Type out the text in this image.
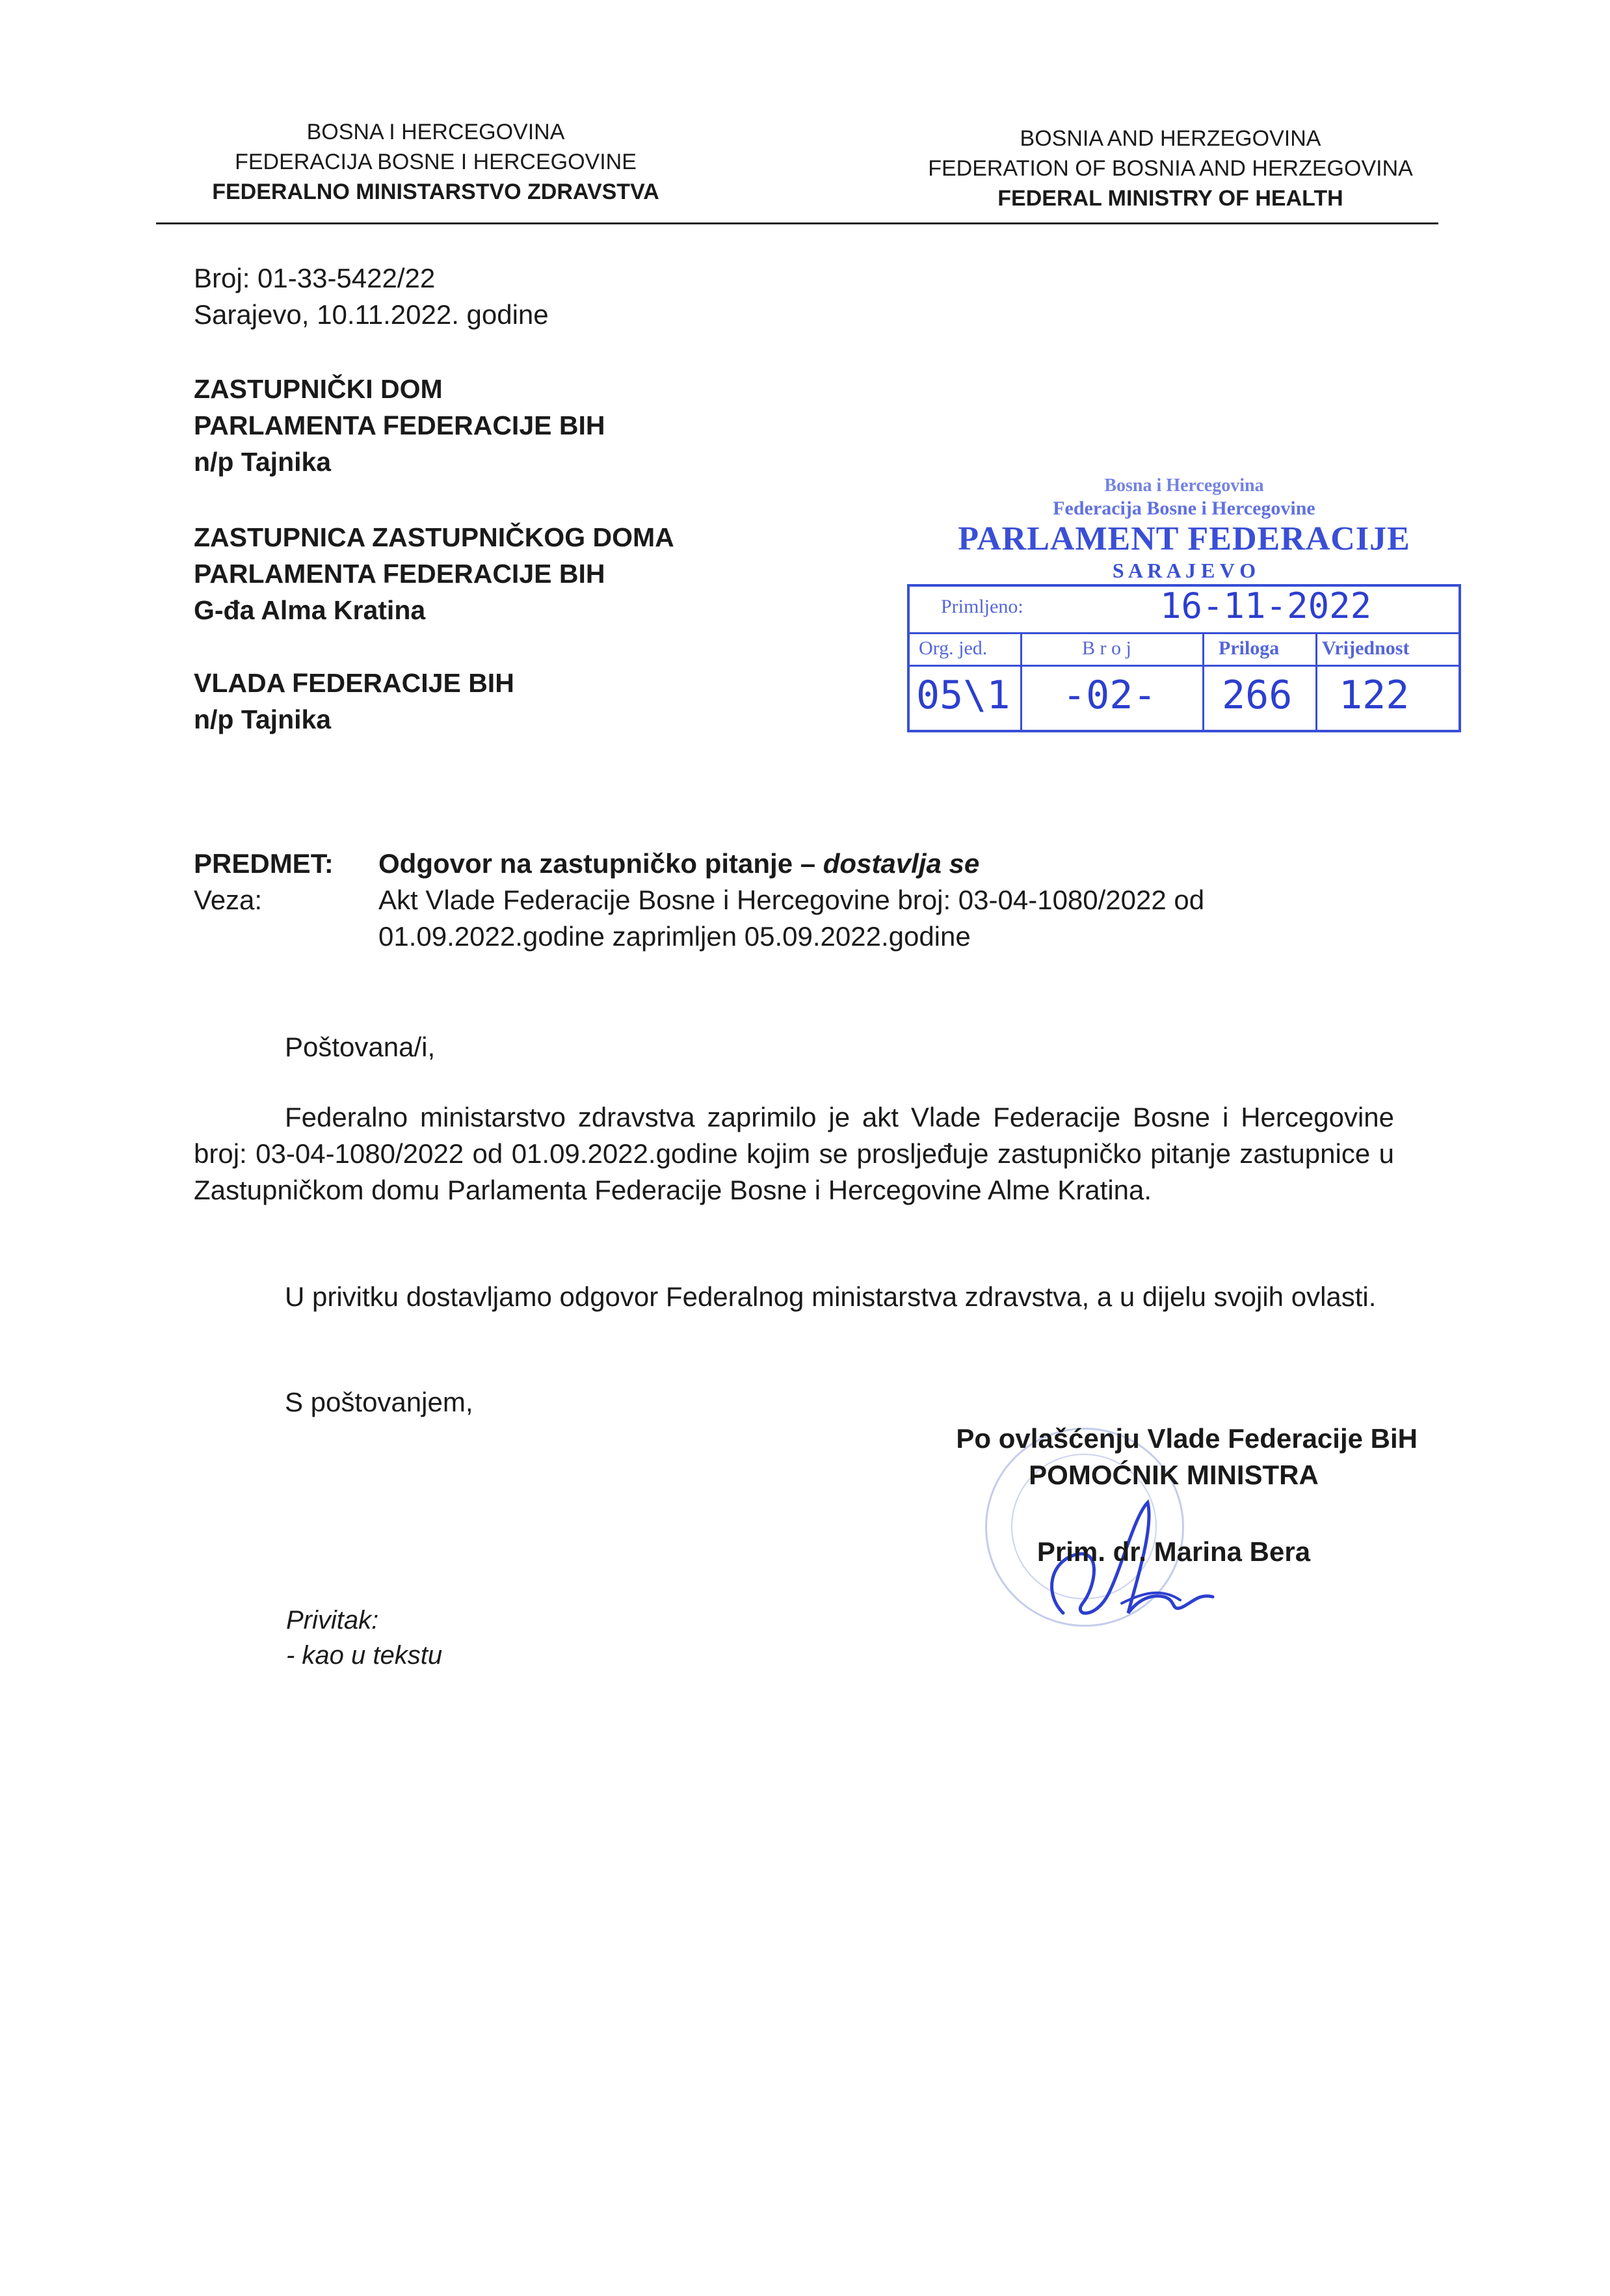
BOSNA I HERCEGOVINA
FEDERACIJA BOSNE I HERCEGOVINE
FEDERALNO MINISTARSTVO ZDRAVSTVA
BOSNIA AND HERZEGOVINA
FEDERATION OF BOSNIA AND HERZEGOVINA
FEDERAL MINISTRY OF HEALTH
Broj: 01-33-5422/22
Sarajevo, 10.11.2022. godine
ZASTUPNIČKI DOM
PARLAMENTA FEDERACIJE BIH
n/p Tajnika
ZASTUPNICA ZASTUPNIČKOG DOMA
PARLAMENTA FEDERACIJE BIH
G-đa Alma Kratina
VLADA FEDERACIJE BIH
n/p Tajnika
Bosna i Hercegovina
Federacija Bosne i Hercegovine
PARLAMENT FEDERACIJE
S A R A J E V O
Primljeno:	16-11-2022
Org. jed.	B r o j	Priloga Vrijednost
05\1 -02- 266 122
PREDMET: Odgovor na zastupničko pitanje – dostavlja se
Veza:	Akt Vlade Federacije Bosne i Hercegovine broj: 03-04-1080/2022 od
01.09.2022.godine zaprimljen 05.09.2022.godine
Poštovana/i,
Federalno ministarstvo zdravstva zaprimilo je akt Vlade Federacije Bosne i Hercegovine broj: 03-04-1080/2022 od 01.09.2022.godine kojim se prosljeđuje zastupničko pitanje zastupnice u Zastupničkom domu Parlamenta Federacije Bosne i Hercegovine Alme Kratina.
U privitku dostavljamo odgovor Federalnog ministarstva zdravstva, a u dijelu svojih ovlasti.
S poštovanjem,
Po ovlašćenju Vlade Federacije BiH
POMOĆNIK MINISTRA
Prim. dr. Marina Bera
Privitak:
- kao u tekstu
